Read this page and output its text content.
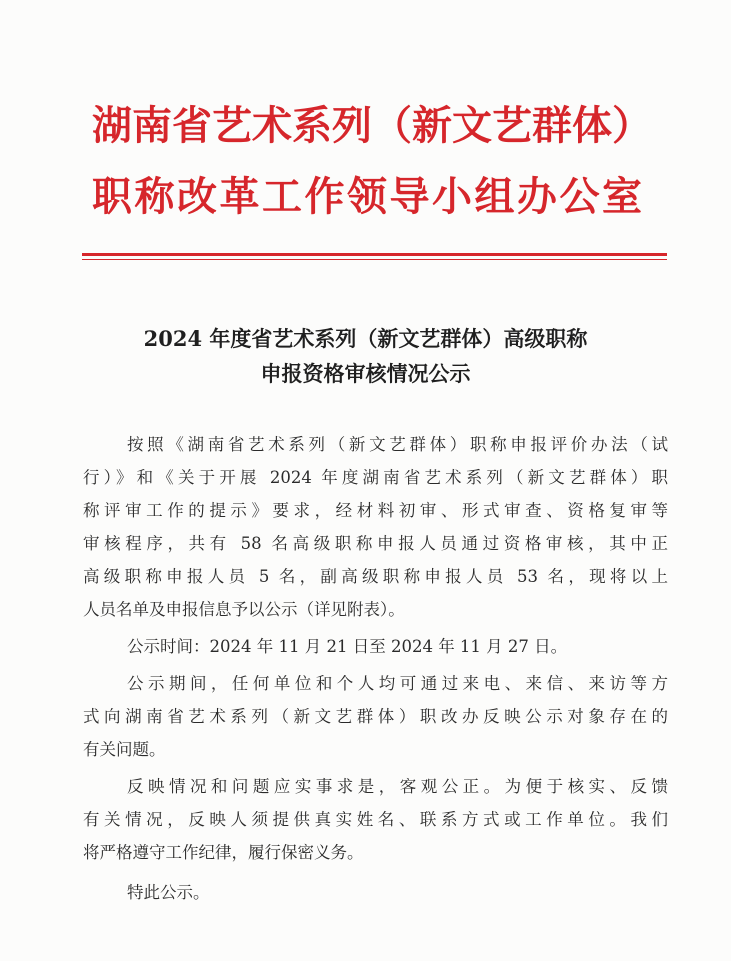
湖南省艺术系列（新文艺群体）
职称改革工作领导小组办公室
2024 年度省艺术系列（新文艺群体）高级职称
申报资格审核情况公示
按照《湖南省艺术系列（新文艺群体）职称申报评价办法（试
行）》和《关于开展 2024 年度湖南省艺术系列（新文艺群体）职
称评审工作的提示》要求，经材料初审、形式审查、资格复审等
审核程序，共有 58 名高级职称申报人员通过资格审核，其中正
高级职称申报人员 5 名，副高级职称申报人员 53 名，现将以上
人员名单及申报信息予以公示（详见附表）。
公示时间：2024 年 11 月 21 日至 2024 年 11 月 27 日。
公示期间，任何单位和个人均可通过来电、来信、来访等方
式向湖南省艺术系列（新文艺群体）职改办反映公示对象存在的
有关问题。
反映情况和问题应实事求是，客观公正。为便于核实、反馈
有关情况，反映人须提供真实姓名、联系方式或工作单位。我们
将严格遵守工作纪律，履行保密义务。
特此公示。
